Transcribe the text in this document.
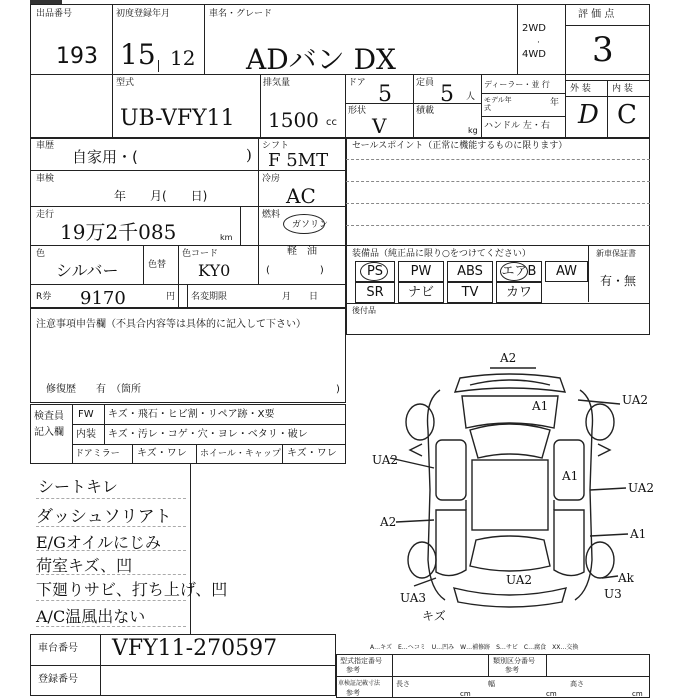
出品番号
193
初度登録年月
15 12
車名・グレード
ADバン DX
2WD
·
4WD
評 価 点
3
外 装 内 装
D C
型式
UB-VFY11
排気量
1500 cc
ドア 5	定員 5 人
形状
V
積載
kg
ディーラー・並 行
モデル年式	年
ハンドル 左・右
車歴
自家用・(	) シフト
F 5MT
車検
年　　月(　　日)
冷房
AC
走行
19万2千085	km
燃料
ガソリン
軽　油
(　　　　　)
色
シルバー	色替
色コード
KY0
R券 9170	円 名変期限	月　　日
セールスポイント（正常に機能するものに限ります）
装備品（純正品に限り○をつけてください）	新車保証書
有・無
PS	PW	ABS	エアB	AW
SR	ナビ	TV	カワ
後付品
注意事項申告欄（不具合内容等は具体的に記入して下さい）
修復歴　　有　（箇所	)
検査員
記入欄
FW キズ・飛石・ヒビ割・リペア跡・X要
内装 キズ・汚レ・コゲ・穴・ヨレ・ベタリ・破レ
ドアミラー キズ・ワレ ホイール・キャップ キズ・ワレ
シートキレ
ダッシュソリアト
E/Gオイルにじみ
荷室キズ、凹
下廻りサビ、打ち上げ、凹
A/C温風出ない
A2
A1	UA2
UA2
UA2
A2
A1
A1
UA3
キズ
UA2	Ak
U3
車台番号 VFY11-270597
登録番号
A…キズ　E…ヘコミ　U…凹み　W…補修跡　S…サビ　C…腐食　XX…交換
型式指定番号
参考
類別区分番号
参考
車検証記載寸法
参考
長さ
cm
幅
cm
高さ
cm
